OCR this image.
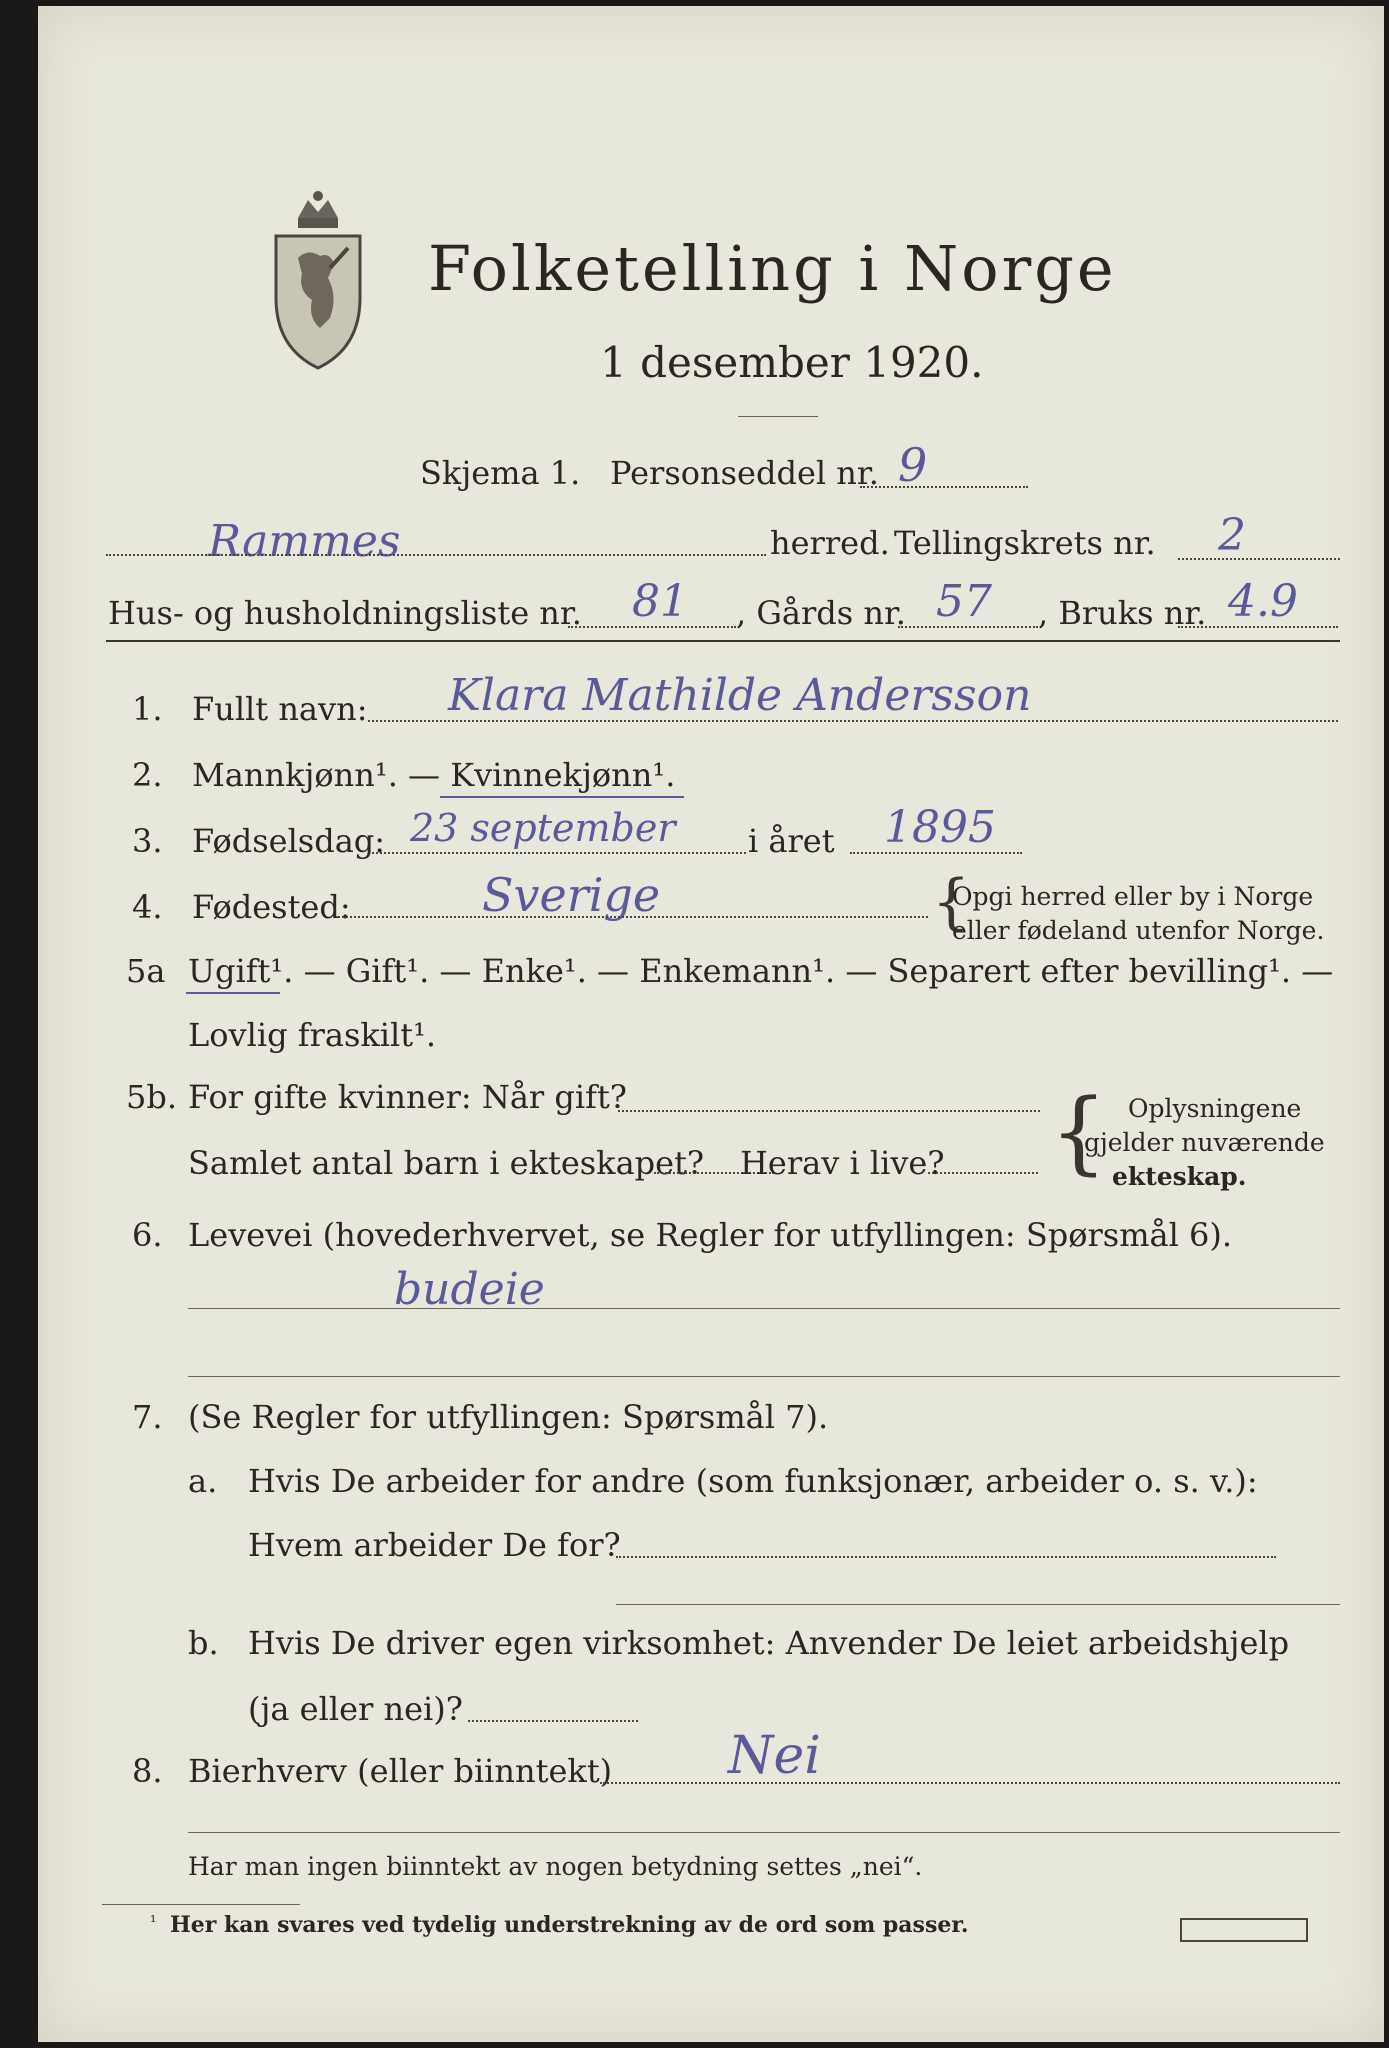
Folketelling i Norge
1 desember 1920.
Skjema 1. Personseddel nr. 9
Rammes	herred. Tellingskrets nr. 2
Hus- og husholdningsliste nr. 81 , Gårds nr. 57 , Bruks nr. 4.9
1. Fullt navn: Klara Mathilde Andersson
2. Mannkjønn¹. — Kvinnekjønn¹.
3. Fødselsdag: 23 september i året 1895
4. Fødested:	Sverige	{
Opgi herred eller by i Norge
eller fødeland utenfor Norge.
5a Ugift¹. — Gift¹. — Enke¹. — Enkemann¹. — Separert efter bevilling¹. —
Lovlig fraskilt¹.
5b. For gifte kvinner: Når gift?
Samlet antal barn i ekteskapet? Herav i live? { Oplysningene
gjelder nuværende
ekteskap.
6. Levevei (hovederhvervet, se Regler for utfyllingen: Spørsmål 6).
budeie
7. (Se Regler for utfyllingen: Spørsmål 7).
a. Hvis De arbeider for andre (som funksjonær, arbeider o. s. v.):
Hvem arbeider De for?
b. Hvis De driver egen virksomhet: Anvender De leiet arbeidshjelp
(ja eller nei)?
8. Bierhverv (eller biinntekt) Nei
Har man ingen biinntekt av nogen betydning settes „nei“.
¹ Her kan svares ved tydelig understrekning av de ord som passer.
